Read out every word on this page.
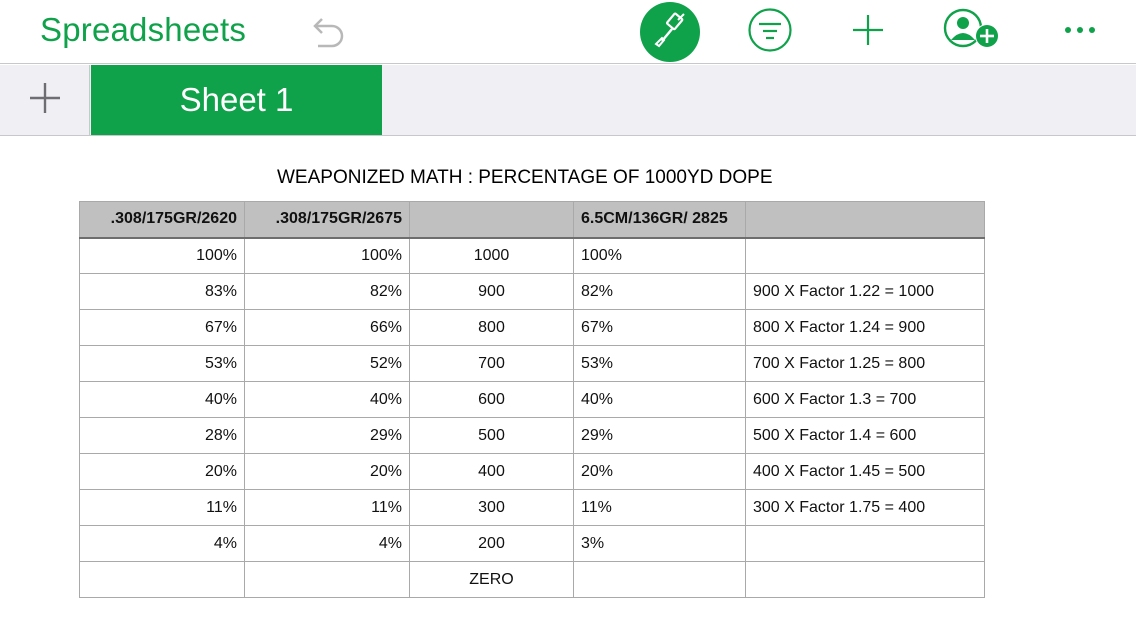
Spreadsheets
Sheet 1
WEAPONIZED MATH : PERCENTAGE OF 1000YD DOPE
.308/175GR/2620	.308/175GR/2675		6.5CM/136GR/ 2825	
100%	100%	1000	100%	
83%	82%	900	82%	900 X Factor 1.22 = 1000
67%	66%	800	67%	800 X Factor 1.24 = 900
53%	52%	700	53%	700 X Factor 1.25 = 800
40%	40%	600	40%	600 X Factor 1.3 = 700
28%	29%	500	29%	500 X Factor 1.4 = 600
20%	20%	400	20%	400 X Factor 1.45 = 500
11%	11%	300	11%	300 X Factor 1.75 = 400
4%	4%	200	3%	
		ZERO		
